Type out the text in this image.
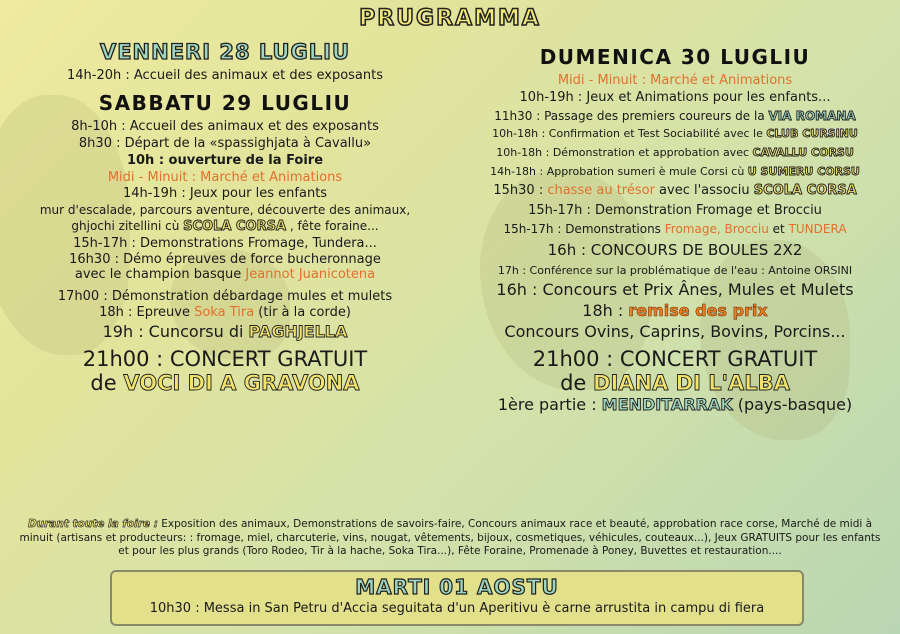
PRUGRAMMA
VENNERI 28 LUGLIU
14h-20h : Accueil des animaux et des exposants
SABBATU 29 LUGLIU
8h-10h : Accueil des animaux et des exposants
8h30 : Départ de la «spassighjata à Cavallu»
10h : ouverture de la Foire
Midi - Minuit : Marché et Animations
14h-19h : Jeux pour les enfants
mur d'escalade, parcours aventure, découverte des animaux,
ghjochi zitellini cù SCOLA CORSA , fête foraine...
15h-17h : Demonstrations Fromage, Tundera...
16h30 : Démo épreuves de force bucheronnage
avec le champion basque Jeannot Juanicotena
17h00 : Démonstration débardage mules et mulets
18h : Epreuve Soka Tira (tir à la corde)
19h : Cuncorsu di PAGHJELLA
21h00 : CONCERT GRATUIT
de VOCI DI A GRAVONA
DUMENICA 30 LUGLIU
Midi - Minuit : Marché et Animations
10h-19h : Jeux et Animations pour les enfants...
11h30 : Passage des premiers coureurs de la VIA ROMANA
10h-18h : Confirmation et Test Sociabilité avec le CLUB CURSINU
10h-18h : Démonstration et approbation avec CAVALLU CORSU
14h-18h : Approbation sumeri è mule Corsi cù U SUMERU CORSU
15h30 : chasse au trésor avec l'associu SCOLA CORSA
15h-17h : Demonstration Fromage et Brocciu
15h-17h : Demonstrations Fromage, Brocciu et TUNDERA
16h : CONCOURS DE BOULES 2X2
17h : Conférence sur la problématique de l'eau : Antoine ORSINI
16h : Concours et Prix Ânes, Mules et Mulets
18h : remise des prix
Concours Ovins, Caprins, Bovins, Porcins...
21h00 : CONCERT GRATUIT
de DIANA DI L'ALBA
1ère partie : MENDITARRAK (pays-basque)
Durant toute la foire : Exposition des animaux, Demonstrations de savoirs-faire, Concours animaux race et beauté, approbation race corse, Marché de midi à minuit (artisans et producteurs: : fromage, miel, charcuterie, vins, nougat, vêtements, bijoux, cosmetiques, véhicules, couteaux...), Jeux GRATUITS pour les enfants et pour les plus grands (Toro Rodeo, Tir à la hache, Soka Tira...), Fête Foraine, Promenade à Poney, Buvettes et restauration....
MARTI 01 AOSTU
10h30 : Messa in San Petru d'Accia seguitata d'un Aperitivu è carne arrustita in campu di fiera
